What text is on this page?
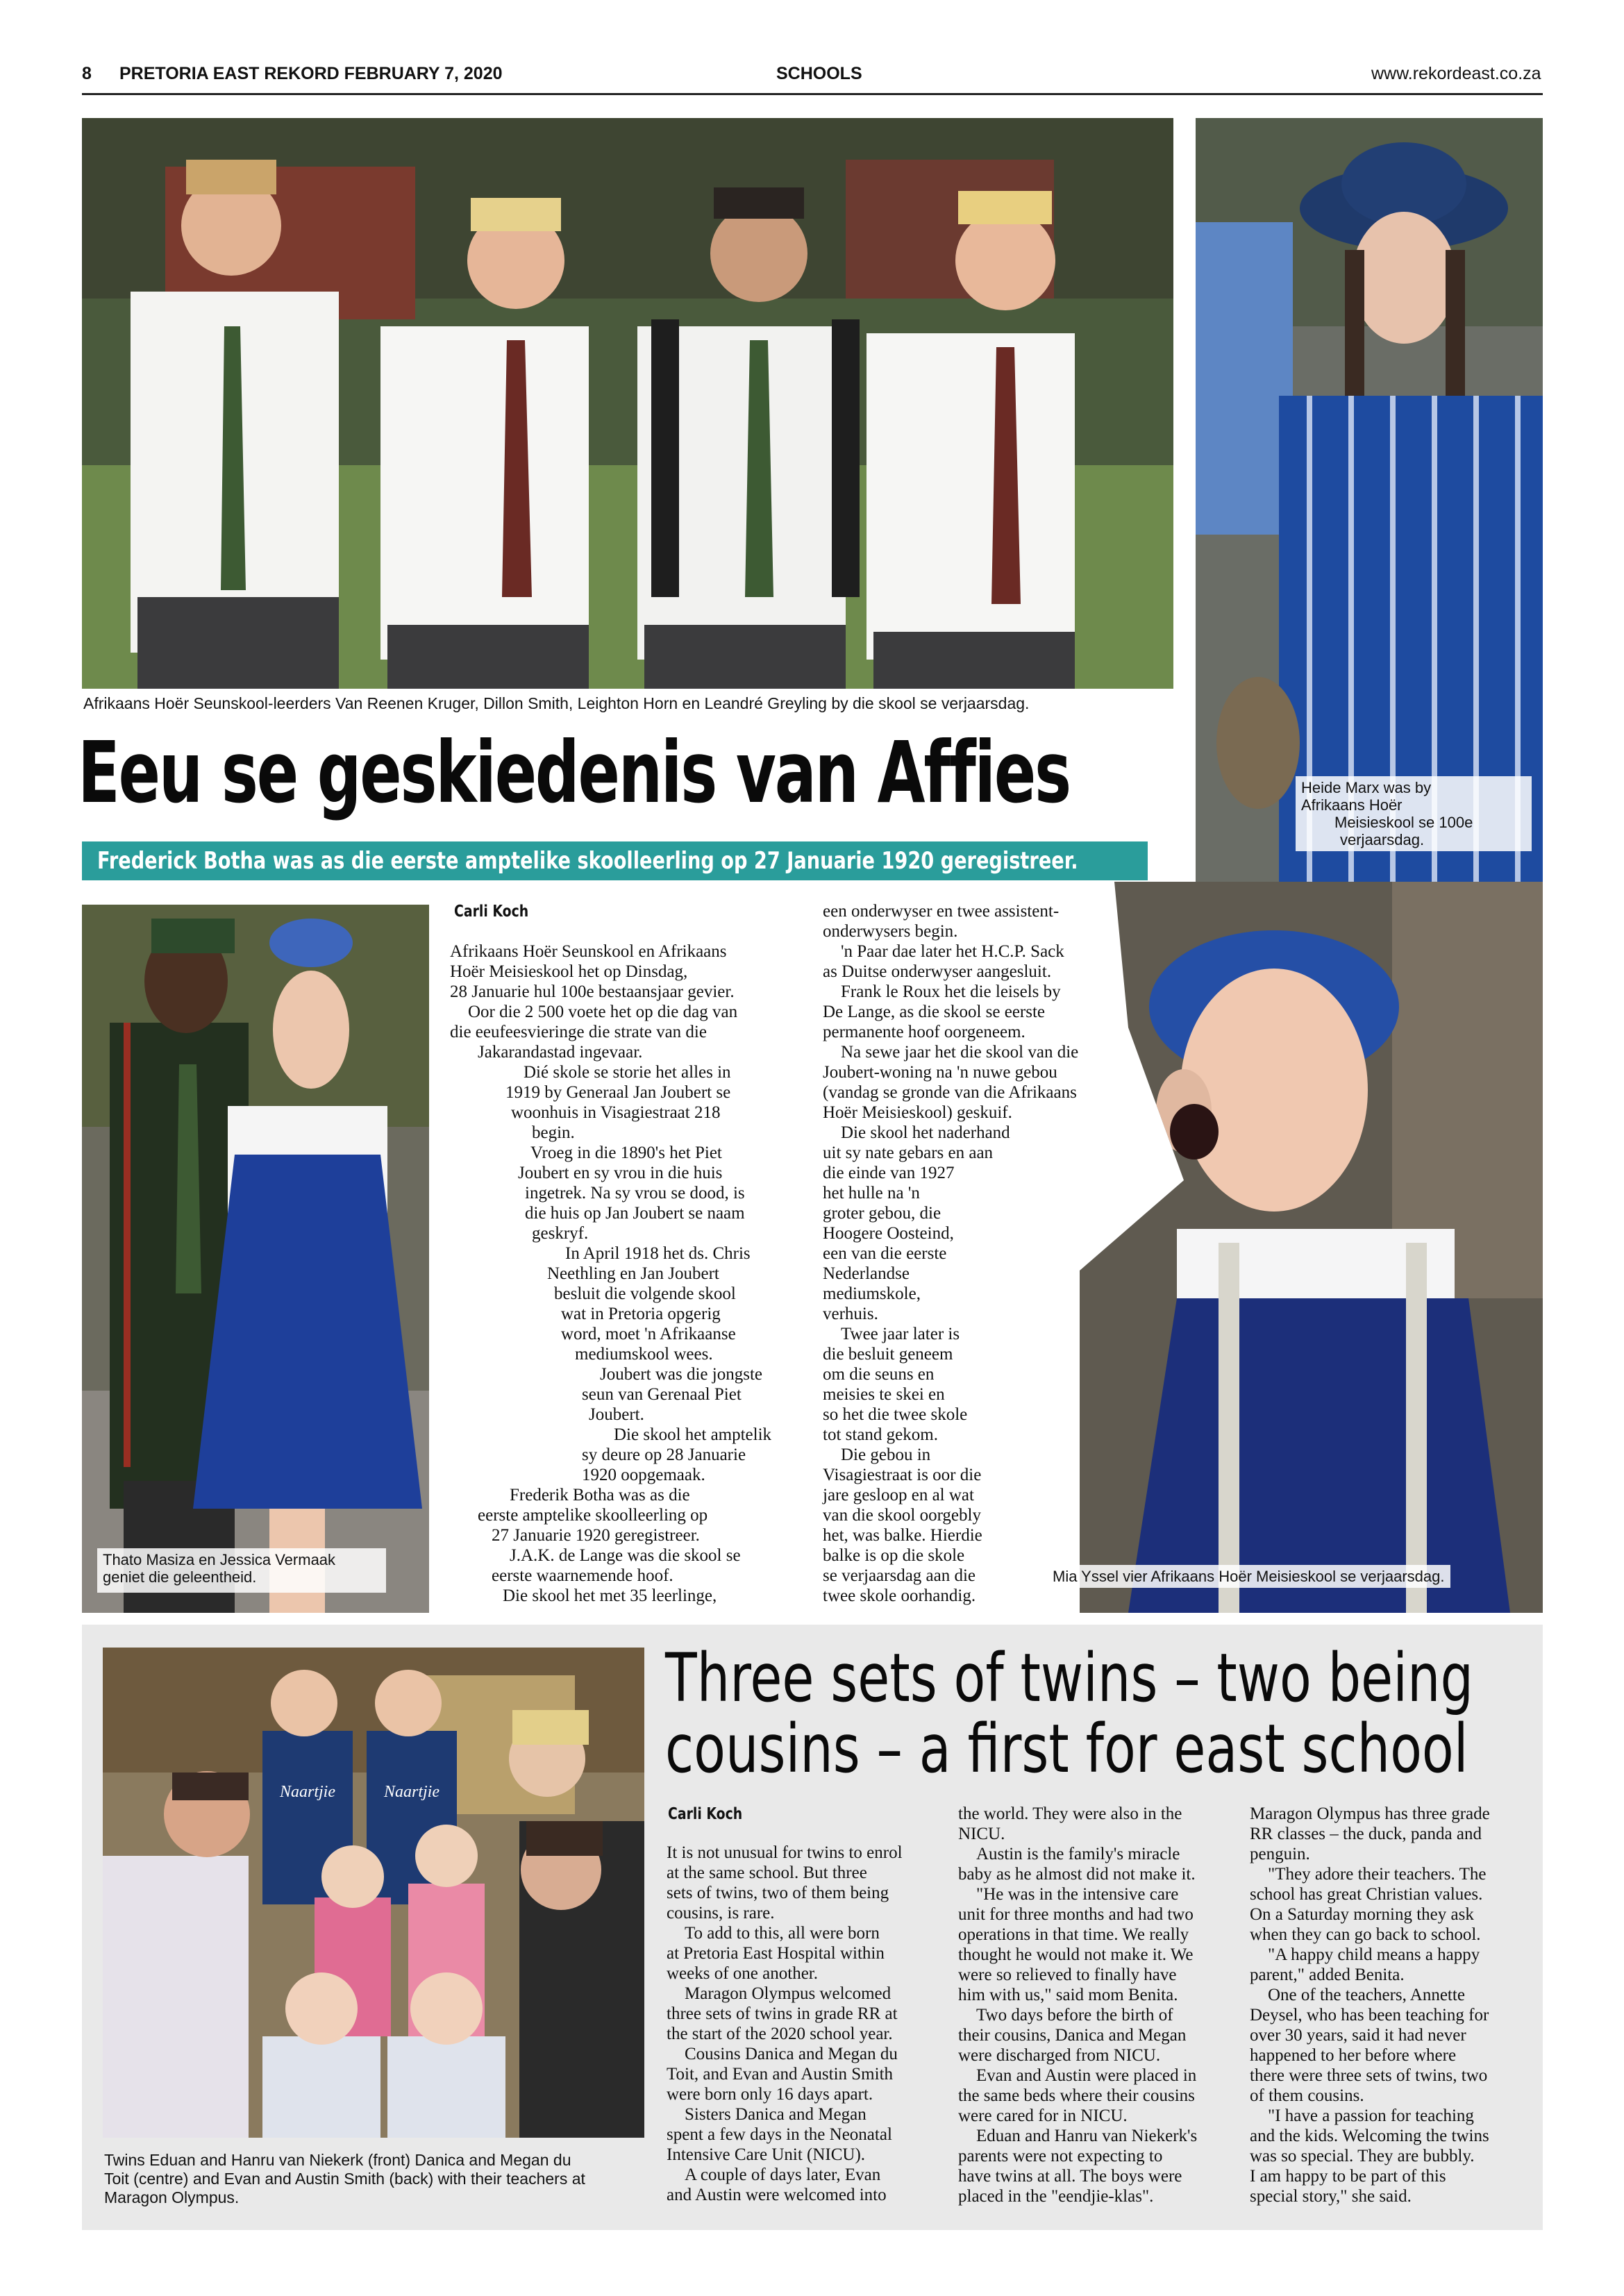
8 PRETORIA EAST REKORD FEBRUARY 7, 2020	SCHOOLS	www.rekordeast.co.za
Afrikaans Hoër Seunskool-leerders Van Reenen Kruger, Dillon Smith, Leighton Horn en Leandré Greyling by die skool se verjaarsdag.
Heide Marx was by
Afrikaans Hoër
Meisieskool se 100e
verjaarsdag.
Eeu se geskiedenis van Affies
Frederick Botha was as die eerste amptelike skoolleerling op 27 Januarie 1920 geregistreer.
Thato Masiza en Jessica Vermaak
geniet die geleentheid.
Carli Koch
Afrikaans Hoër Seunskool en Afrikaans
Hoër Meisieskool het op Dinsdag,
28 Januarie hul 100e bestaansjaar gevier.
Oor die 2 500 voete het op die dag van
die eeufeesvieringe die strate van die
Jakarandastad ingevaar.
Dié skole se storie het alles in
1919 by Generaal Jan Joubert se
woonhuis in Visagiestraat 218
begin.
Vroeg in die 1890's het Piet
Joubert en sy vrou in die huis
ingetrek. Na sy vrou se dood, is
die huis op Jan Joubert se naam
geskryf.
In April 1918 het ds. Chris
Neethling en Jan Joubert
besluit die volgende skool
wat in Pretoria opgerig
word, moet 'n Afrikaanse
mediumskool wees.
Joubert was die jongste
seun van Gerenaal Piet
Joubert.
Die skool het amptelik
sy deure op 28 Januarie
1920 oopgemaak.
Frederik Botha was as die
eerste amptelike skoolleerling op
27 Januarie 1920 geregistreer.
J.A.K. de Lange was die skool se
eerste waarnemende hoof.
Die skool het met 35 leerlinge,
een onderwyser en twee assistent-
onderwysers begin.
'n Paar dae later het H.C.P. Sack
as Duitse onderwyser aangesluit.
Frank le Roux het die leisels by
De Lange, as die skool se eerste
permanente hoof oorgeneem.
Na sewe jaar het die skool van die
Joubert-woning na 'n nuwe gebou
(vandag se gronde van die Afrikaans
Hoër Meisieskool) geskuif.
Die skool het naderhand
uit sy nate gebars en aan
die einde van 1927
het hulle na 'n
groter gebou, die
Hoogere Oosteind,
een van die eerste
Nederlandse
mediumskole,
verhuis.
Twee jaar later is
die besluit geneem
om die seuns en
meisies te skei en
so het die twee skole
tot stand gekom.
Die gebou in
Visagiestraat is oor die
jare gesloop en al wat
van die skool oorgebly
het, was balke. Hierdie
balke is op die skole
se verjaarsdag aan die
twee skole oorhandig.
Mia Yssel vier Afrikaans Hoër Meisieskool se verjaarsdag.
Naartjie	Naartjie
Twins Eduan and Hanru van Niekerk (front) Danica and Megan du
Toit (centre) and Evan and Austin Smith (back) with their teachers at
Maragon Olympus.
Three sets of twins – two being
cousins – a first for east school
Carli Koch
It is not unusual for twins to enrol
at the same school. But three
sets of twins, two of them being
cousins, is rare.
To add to this, all were born
at Pretoria East Hospital within
weeks of one another.
Maragon Olympus welcomed
three sets of twins in grade RR at
the start of the 2020 school year.
Cousins Danica and Megan du
Toit, and Evan and Austin Smith
were born only 16 days apart.
Sisters Danica and Megan
spent a few days in the Neonatal
Intensive Care Unit (NICU).
A couple of days later, Evan
and Austin were welcomed into
the world. They were also in the
NICU.
Austin is the family's miracle
baby as he almost did not make it.
"He was in the intensive care
unit for three months and had two
operations in that time. We really
thought he would not make it. We
were so relieved to finally have
him with us," said mom Benita.
Two days before the birth of
their cousins, Danica and Megan
were discharged from NICU.
Evan and Austin were placed in
the same beds where their cousins
were cared for in NICU.
Eduan and Hanru van Niekerk's
parents were not expecting to
have twins at all. The boys were
placed in the "eendjie-klas".
Maragon Olympus has three grade
RR classes – the duck, panda and
penguin.
"They adore their teachers. The
school has great Christian values.
On a Saturday morning they ask
when they can go back to school.
"A happy child means a happy
parent," added Benita.
One of the teachers, Annette
Deysel, who has been teaching for
over 30 years, said it had never
happened to her before where
there were three sets of twins, two
of them cousins.
"I have a passion for teaching
and the kids. Welcoming the twins
was so special. They are bubbly.
I am happy to be part of this
special story," she said.
